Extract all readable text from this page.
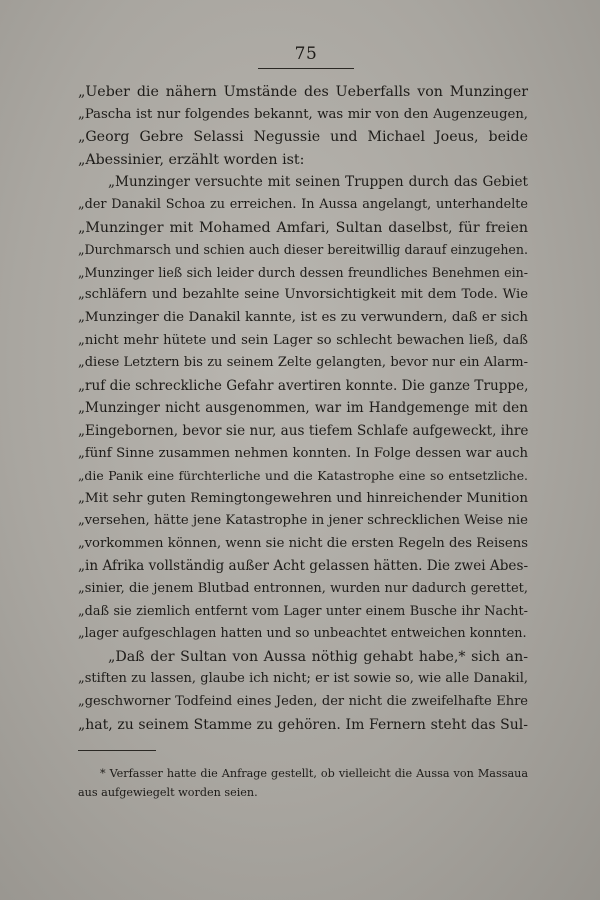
75
„Ueber die nähern Umstände des Ueberfalls von Munzinger
„Pascha ist nur folgendes bekannt, was mir von den Augenzeugen,
„Georg Gebre Selassi Negussie und Michael Joeus, beide
„Abessinier, erzählt worden ist:
„Munzinger versuchte mit seinen Truppen durch das Gebiet
„der Danakil Schoa zu erreichen. In Aussa angelangt, unterhandelte
„Munzinger mit Mohamed Amfari, Sultan daselbst, für freien
„Durchmarsch und schien auch dieser bereitwillig darauf einzugehen.
„Munzinger ließ sich leider durch dessen freundliches Benehmen ein-
„schläfern und bezahlte seine Unvorsichtigkeit mit dem Tode. Wie
„Munzinger die Danakil kannte, ist es zu verwundern, daß er sich
„nicht mehr hütete und sein Lager so schlecht bewachen ließ, daß
„diese Letztern bis zu seinem Zelte gelangten, bevor nur ein Alarm-
„ruf die schreckliche Gefahr avertiren konnte. Die ganze Truppe,
„Munzinger nicht ausgenommen, war im Handgemenge mit den
„Eingebornen, bevor sie nur, aus tiefem Schlafe aufgeweckt, ihre
„fünf Sinne zusammen nehmen konnten. In Folge dessen war auch
„die Panik eine fürchterliche und die Katastrophe eine so entsetzliche.
„Mit sehr guten Remingtongewehren und hinreichender Munition
„versehen, hätte jene Katastrophe in jener schrecklichen Weise nie
„vorkommen können, wenn sie nicht die ersten Regeln des Reisens
„in Afrika vollständig außer Acht gelassen hätten. Die zwei Abes-
„sinier, die jenem Blutbad entronnen, wurden nur dadurch gerettet,
„daß sie ziemlich entfernt vom Lager unter einem Busche ihr Nacht-
„lager aufgeschlagen hatten und so unbeachtet entweichen konnten.
„Daß der Sultan von Aussa nöthig gehabt habe,* sich an-
„stiften zu lassen, glaube ich nicht; er ist sowie so, wie alle Danakil,
„geschworner Todfeind eines Jeden, der nicht die zweifelhafte Ehre
„hat, zu seinem Stamme zu gehören. Im Fernern steht das Sul-
* Verfasser hatte die Anfrage gestellt, ob vielleicht die Aussa von Massaua
aus aufgewiegelt worden seien.
